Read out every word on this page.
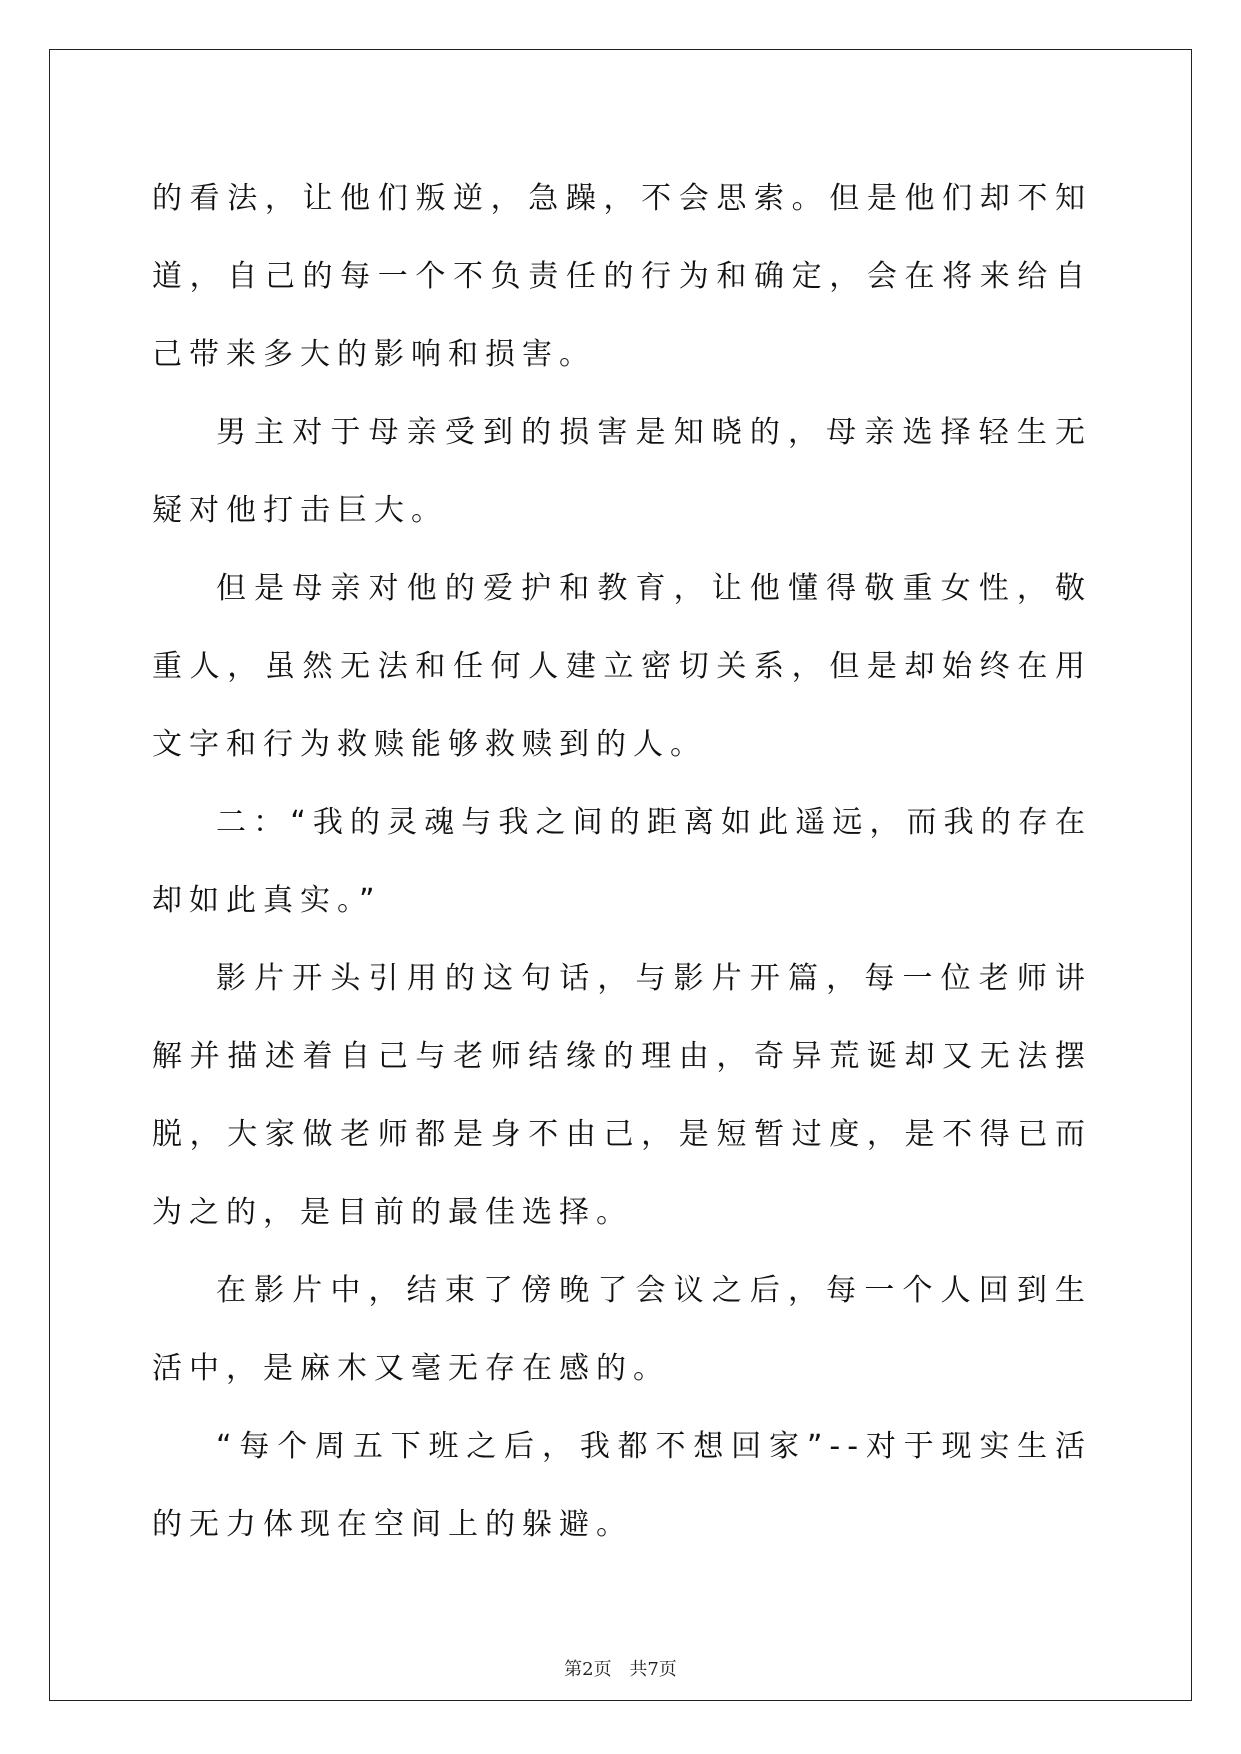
的看法，让他们叛逆，急躁，不会思索。但是他们却不知道，自己的每一个不负责任的行为和确定，会在将来给自己带来多大的影响和损害。

男主对于母亲受到的损害是知晓的，母亲选择轻生无疑对他打击巨大。

但是母亲对他的爱护和教育，让他懂得敬重女性，敬重人，虽然无法和任何人建立密切关系，但是却始终在用文字和行为救赎能够救赎到的人。

二：“我的灵魂与我之间的距离如此遥远，而我的存在却如此真实。”

影片开头引用的这句话，与影片开篇，每一位老师讲解并描述着自己与老师结缘的理由，奇异荒诞却又无法摆脱，大家做老师都是身不由己，是短暂过度，是不得已而为之的，是目前的最佳选择。

在影片中，结束了傍晚了会议之后，每一个人回到生活中，是麻木又毫无存在感的。

“每个周五下班之后，我都不想回家”--对于现实生活的无力体现在空间上的躲避。

第2页 共7页
